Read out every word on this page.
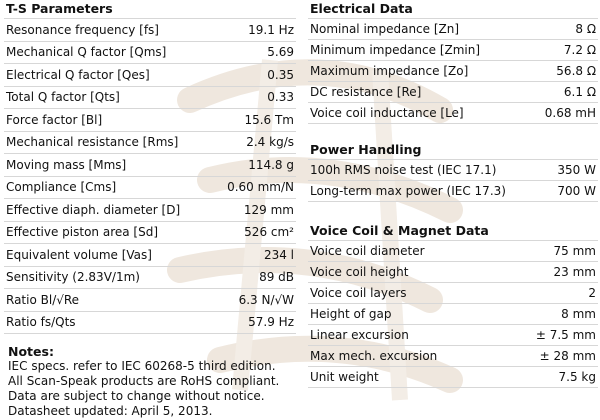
T-S Parameters
Resonance frequency [fs]	19.1 Hz
Mechanical Q factor [Qms]	5.69
Electrical Q factor [Qes]	0.35
Total Q factor [Qts]	0.33
Force factor [Bl]	15.6 Tm
Mechanical resistance [Rms]	2.4 kg/s
Moving mass [Mms]	114.8 g
Compliance [Cms]	0.60 mm/N
Effective diaph. diameter [D]	129 mm
Effective piston area [Sd]	526 cm²
Equivalent volume [Vas]	234 l
Sensitivity (2.83V/1m)	89 dB
Ratio Bl/√Re	6.3 N/√W
Ratio fs/Qts	57.9 Hz
Electrical Data
Nominal impedance [Zn]	8 Ω
Minimum impedance [Zmin]	7.2 Ω
Maximum impedance [Zo]	56.8 Ω
DC resistance [Re]	6.1 Ω
Voice coil inductance [Le]	0.68 mH
Power Handling
100h RMS noise test (IEC 17.1)	350 W
Long-term max power (IEC 17.3)	700 W
Voice Coil & Magnet Data
Voice coil diameter	75 mm
Voice coil height	23 mm
Voice coil layers	2
Height of gap	8 mm
Linear excursion	± 7.5 mm
Max mech. excursion	± 28 mm
Unit weight	7.5 kg
Notes:
IEC specs. refer to IEC 60268-5 third edition.
All Scan-Speak products are RoHS compliant.
Data are subject to change without notice.
Datasheet updated: April 5, 2013.
